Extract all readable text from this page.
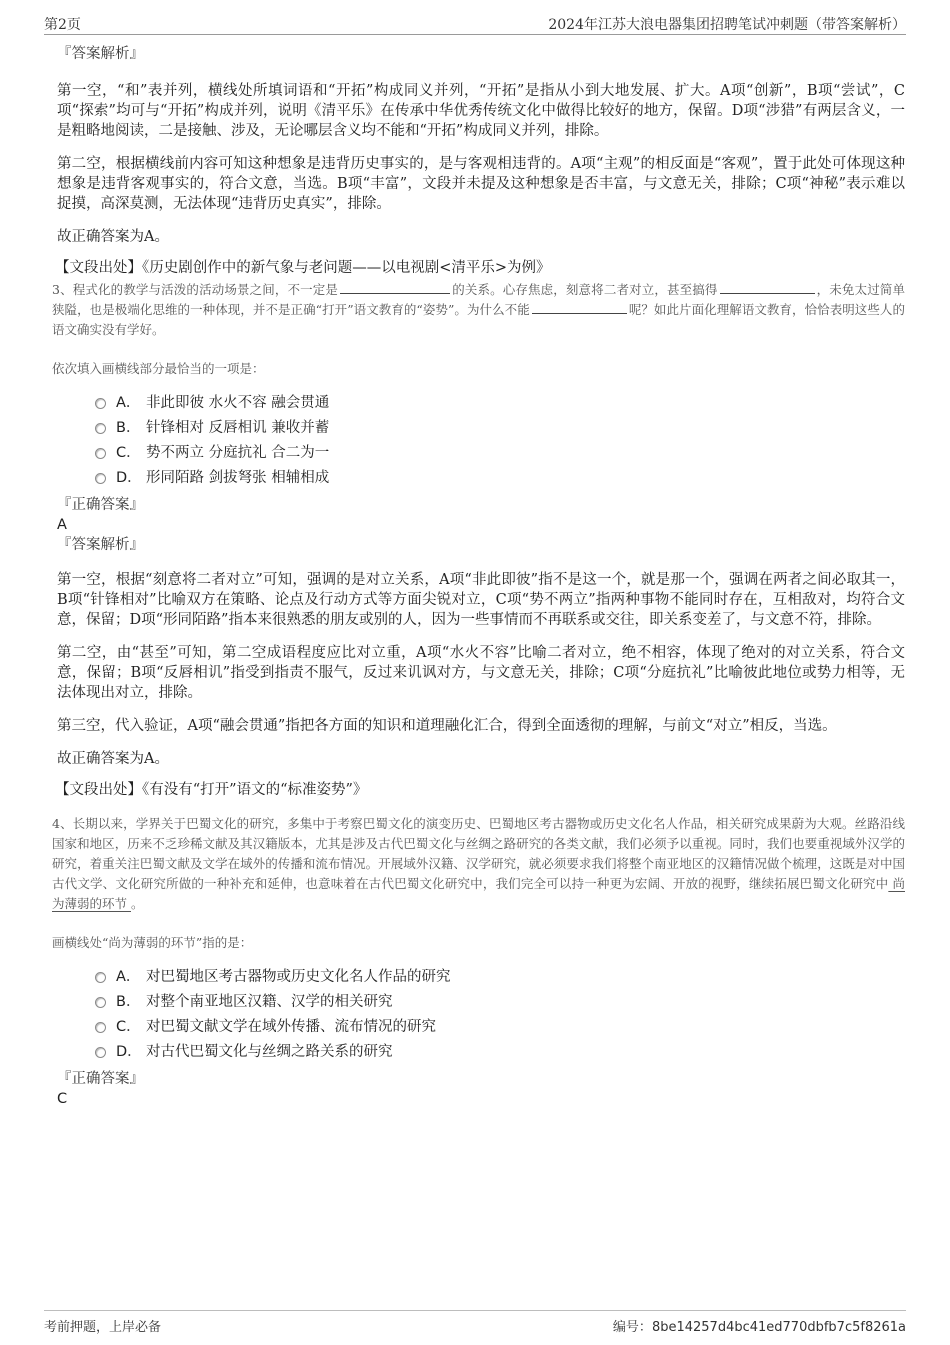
第2页	2024年江苏大浪电器集团招聘笔试冲刺题（带答案解析）
『答案解析』

第一空，“和”表并列，横线处所填词语和“开拓”构成同义并列，“开拓”是指从小到大地发展、扩大。A项“创新”，B项“尝试”，C项“探索”均可与“开拓”构成并列，说明《清平乐》在传承中华优秀传统文化中做得比较好的地方，保留。D项“涉猎”有两层含义，一是粗略地阅读，二是接触、涉及，无论哪层含义均不能和“开拓”构成同义并列，排除。

第二空，根据横线前内容可知这种想象是违背历史事实的，是与客观相违背的。A项“主观”的相反面是“客观”，置于此处可体现这种想象是违背客观事实的，符合文意，当选。B项“丰富”，文段并未提及这种想象是否丰富，与文意无关，排除；C项“神秘”表示难以捉摸，高深莫测，无法体现“违背历史真实”，排除。

故正确答案为A。

【文段出处】《历史剧创作中的新气象与老问题——以电视剧<清平乐>为例》

3、程式化的教学与活泼的活动场景之间，不一定是	的关系。心存焦虑，刻意将二者对立，甚至搞得	，未免太过简单狭隘，也是极端化思维的一种体现，并不是正确“打开”语文教育的“姿势”。为什么不能	呢？如此片面化理解语文教育，恰恰表明这些人的语文确实没有学好。

依次填入画横线部分最恰当的一项是：

A． 非此即彼 水火不容 融会贯通
B． 针锋相对 反唇相讥 兼收并蓄
C． 势不两立 分庭抗礼 合二为一
D． 形同陌路 剑拔弩张 相辅相成
『正确答案』
A
『答案解析』

第一空，根据“刻意将二者对立”可知，强调的是对立关系，A项“非此即彼”指不是这一个，就是那一个，强调在两者之间必取其一，B项“针锋相对”比喻双方在策略、论点及行动方式等方面尖锐对立，C项“势不两立”指两种事物不能同时存在，互相敌对，均符合文意，保留；D项“形同陌路”指本来很熟悉的朋友或别的人，因为一些事情而不再联系或交往，即关系变差了，与文意不符，排除。

第二空，由“甚至”可知，第二空成语程度应比对立重，A项“水火不容”比喻二者对立，绝不相容，体现了绝对的对立关系，符合文意，保留；B项“反唇相讥”指受到指责不服气，反过来讥讽对方，与文意无关，排除；C项“分庭抗礼”比喻彼此地位或势力相等，无法体现出对立，排除。

第三空，代入验证，A项“融会贯通”指把各方面的知识和道理融化汇合，得到全面透彻的理解，与前文“对立”相反，当选。

故正确答案为A。

【文段出处】《有没有“打开”语文的“标准姿势”》

4、长期以来，学界关于巴蜀文化的研究，多集中于考察巴蜀文化的演变历史、巴蜀地区考古器物或历史文化名人作品，相关研究成果蔚为大观。丝路沿线国家和地区，历来不乏珍稀文献及其汉籍版本，尤其是涉及古代巴蜀文化与丝绸之路研究的各类文献，我们必须予以重视。同时，我们也要重视域外汉学的研究，着重关注巴蜀文献及文学在域外的传播和流布情况。开展域外汉籍、汉学研究，就必须要求我们将整个南亚地区的汉籍情况做个梳理，这既是对中国古代文学、文化研究所做的一种补充和延伸，也意味着在古代巴蜀文化研究中，我们完全可以持一种更为宏阔、开放的视野，继续拓展巴蜀文化研究中 尚为薄弱的环节 。

画横线处“尚为薄弱的环节”指的是：

A． 对巴蜀地区考古器物或历史文化名人作品的研究
B． 对整个南亚地区汉籍、汉学的相关研究
C． 对巴蜀文献文学在域外传播、流布情况的研究
D． 对古代巴蜀文化与丝绸之路关系的研究
『正确答案』
C
考前押题，上岸必备	编号：8be14257d4bc41ed770dbfb7c5f8261a
